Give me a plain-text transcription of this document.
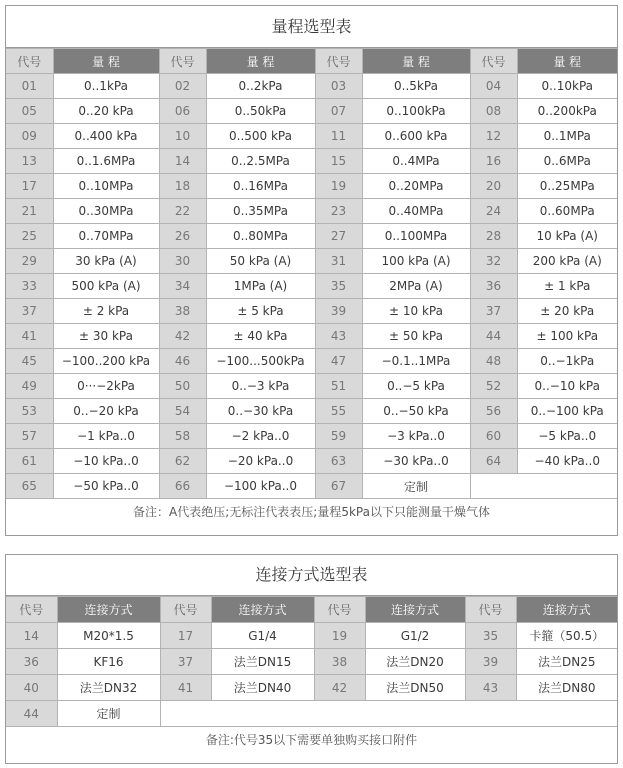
量程选型表
代号	量 程	代号	量 程	代号	量 程	代号	量 程
01	0..1kPa	02	0..2kPa	03	0..5kPa	04	0..10kPa
05	0..20 kPa	06	0..50kPa	07	0..100kPa	08	0..200kPa
09	0..400 kPa	10	0..500 kPa	11	0..600 kPa	12	0..1MPa
13	0..1.6MPa	14	0..2.5MPa	15	0..4MPa	16	0..6MPa
17	0..10MPa	18	0..16MPa	19	0..20MPa	20	0..25MPa
21	0..30MPa	22	0..35MPa	23	0..40MPa	24	0..60MPa
25	0..70MPa	26	0..80MPa	27	0..100MPa	28	10 kPa (A)
29	30 kPa (A)	30	50 kPa (A)	31	100 kPa (A)	32	200 kPa (A)
33	500 kPa (A)	34	1MPa (A)	35	2MPa (A)	36	± 1 kPa
37	± 2 kPa	38	± 5 kPa	39	± 10 kPa	37	± 20 kPa
41	± 30 kPa	42	± 40 kPa	43	± 50 kPa	44	± 100 kPa
45	−100..200 kPa	46	−100...500kPa	47	−0.1..1MPa	48	0..−1kPa
49	0···−2kPa	50	0..−3 kPa	51	0..−5 kPa	52	0..−10 kPa
53	0..−20 kPa	54	0..−30 kPa	55	0..−50 kPa	56	0..−100 kPa
57	−1 kPa..0	58	−2 kPa..0	59	−3 kPa..0	60	−5 kPa..0
61	−10 kPa..0	62	−20 kPa..0	63	−30 kPa..0	64	−40 kPa..0
65	−50 kPa..0	66	−100 kPa..0	67	定制		
备注：A代表绝压;无标注代表表压;量程5kPa以下只能测量干燥气体
连接方式选型表
代号	连接方式	代号	连接方式	代号	连接方式	代号	连接方式
14	M20*1.5	17	G1/4	19	G1/2	35	卡箍（50.5）
36	KF16	37	法兰DN15	38	法兰DN20	39	法兰DN25
40	法兰DN32	41	法兰DN40	42	法兰DN50	43	法兰DN80
44	定制						
备注:代号35以下需要单独购买接口附件
